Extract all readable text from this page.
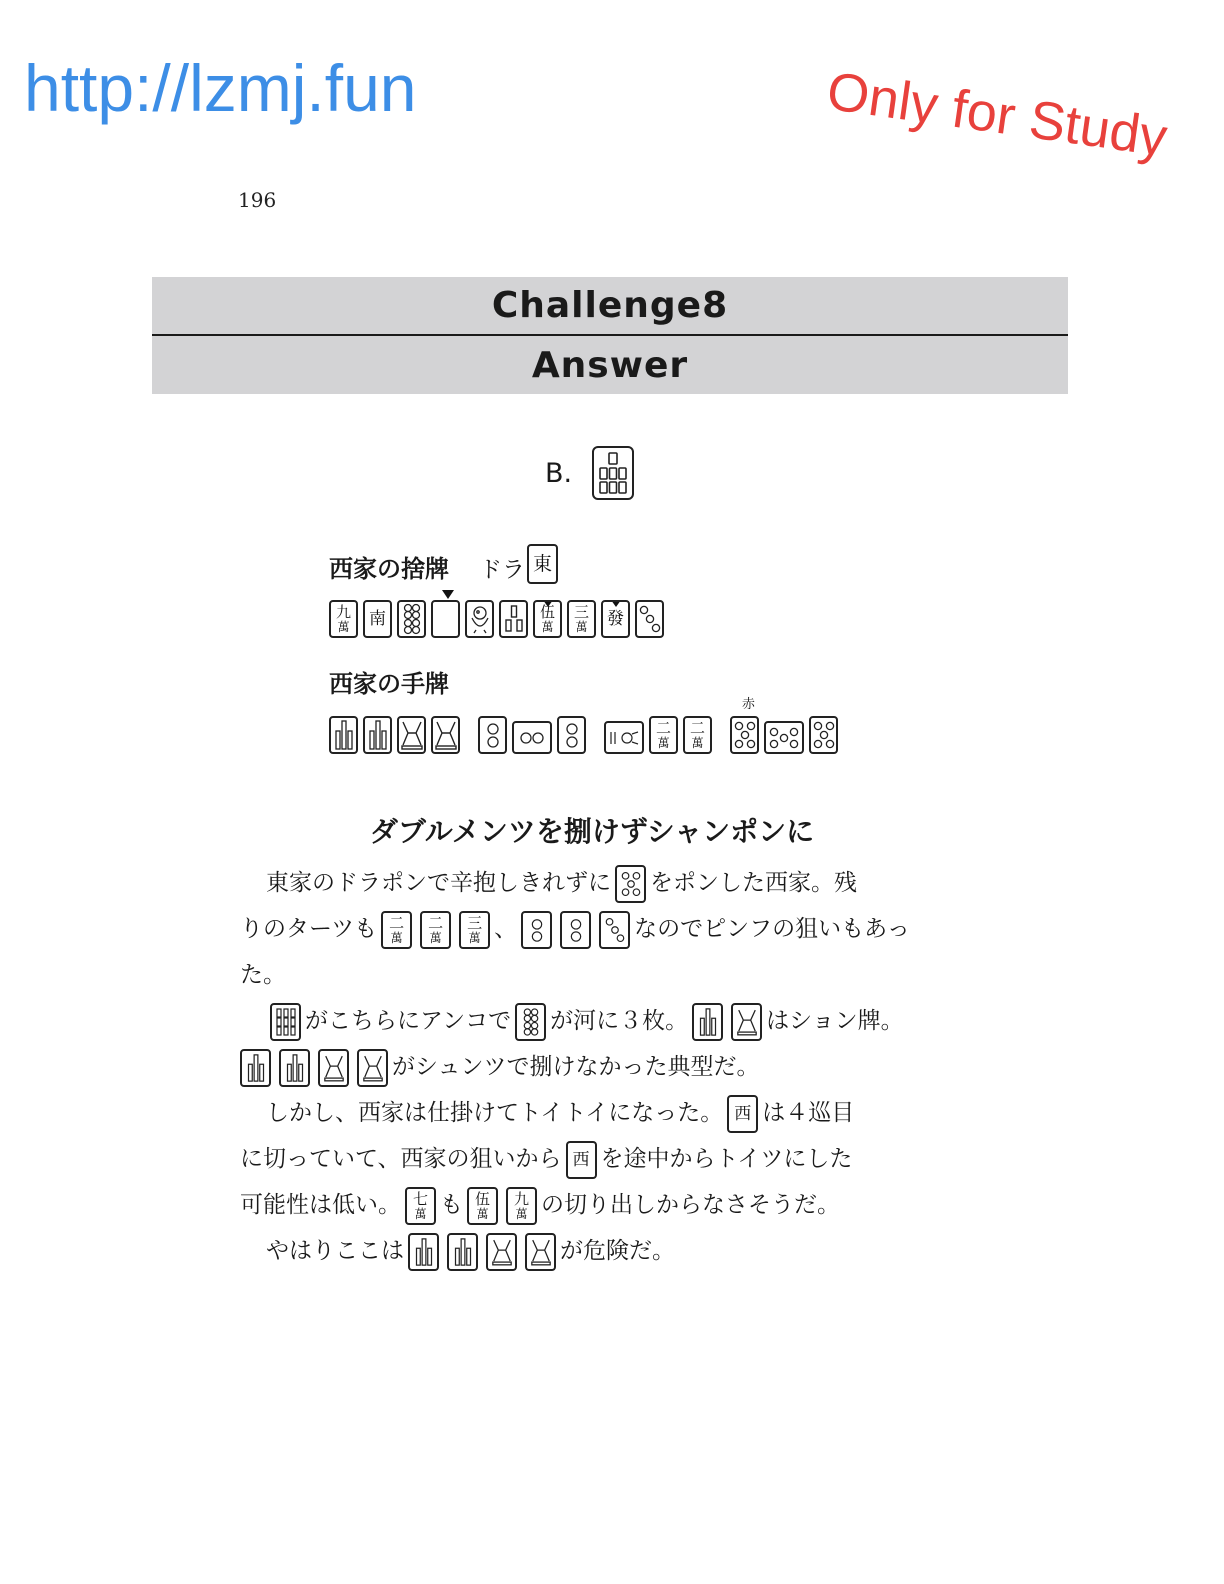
http://lzmj.fun	Only for Study
196
Challenge8
Answer
B.
西家の捨牌 ドラ 東
九
萬 南	伍
萬
三
萬 發
西家の手牌
二
萬
二
萬
赤
ダブルメンツを捌けずシャンポンに

東家のドラポンで辛抱しきれずに をポンした西家。残

りのターツも 二
萬
二
萬
三
萬 、	なのでピンフの狙いもあっ

た。

がこちらにアンコで が河に３枚。	はション牌。

がシュンツで捌けなかった典型だ。

しかし、西家は仕掛けてトイトイになった。 西 は４巡目

に切っていて、西家の狙いから 西 を途中からトイツにした

可能性は低い。 七
萬 も 伍
萬
九
萬 の切り出しからなさそうだ。

やはりここは	が危険だ。
